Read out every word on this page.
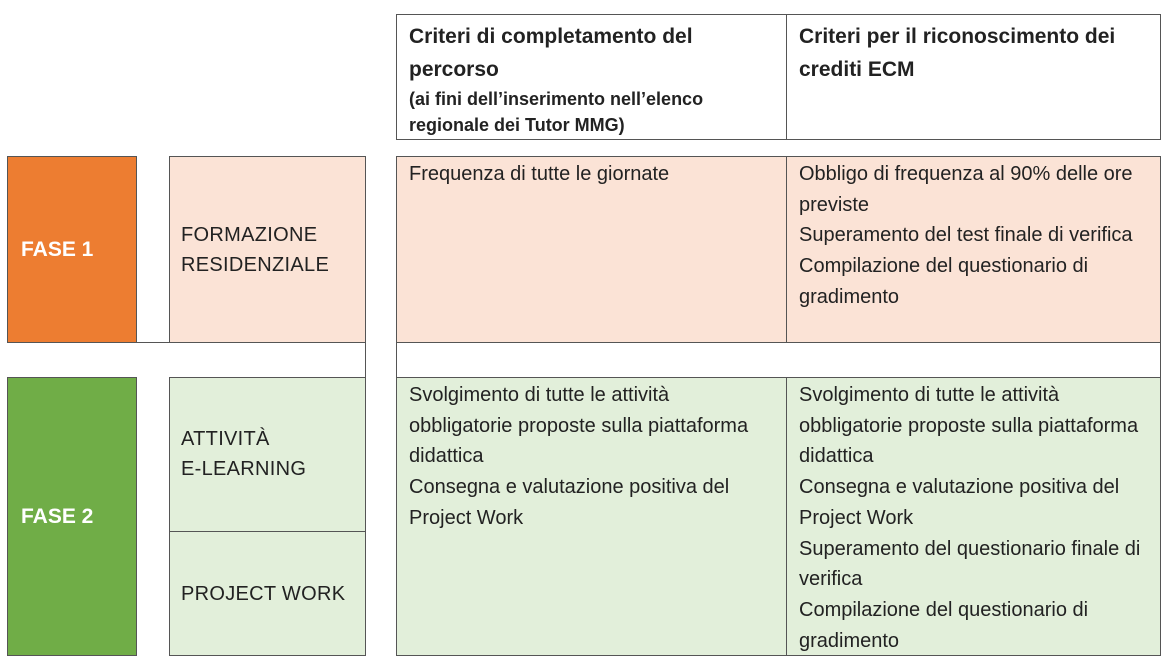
Criteri di completamento del percorso
(ai fini dell’inserimento nell’elenco regionale dei Tutor MMG)
Criteri per il riconoscimento dei crediti ECM
FASE 1
FORMAZIONE
RESIDENZIALE

Frequenza di tutte le giornate	Obbligo di frequenza al 90% delle ore previste

Superamento del test finale di verifica

Compilazione del questionario di gradimento

FASE 2
ATTIVITÀ
E-LEARNING
PROJECT WORK

Svolgimento di tutte le attività obbligatorie proposte sulla piattaforma didattica

Consegna e valutazione positiva del Project Work

Svolgimento di tutte le attività obbligatorie proposte sulla piattaforma didattica

Consegna e valutazione positiva del Project Work

Superamento del questionario finale di verifica

Compilazione del questionario di gradimento
